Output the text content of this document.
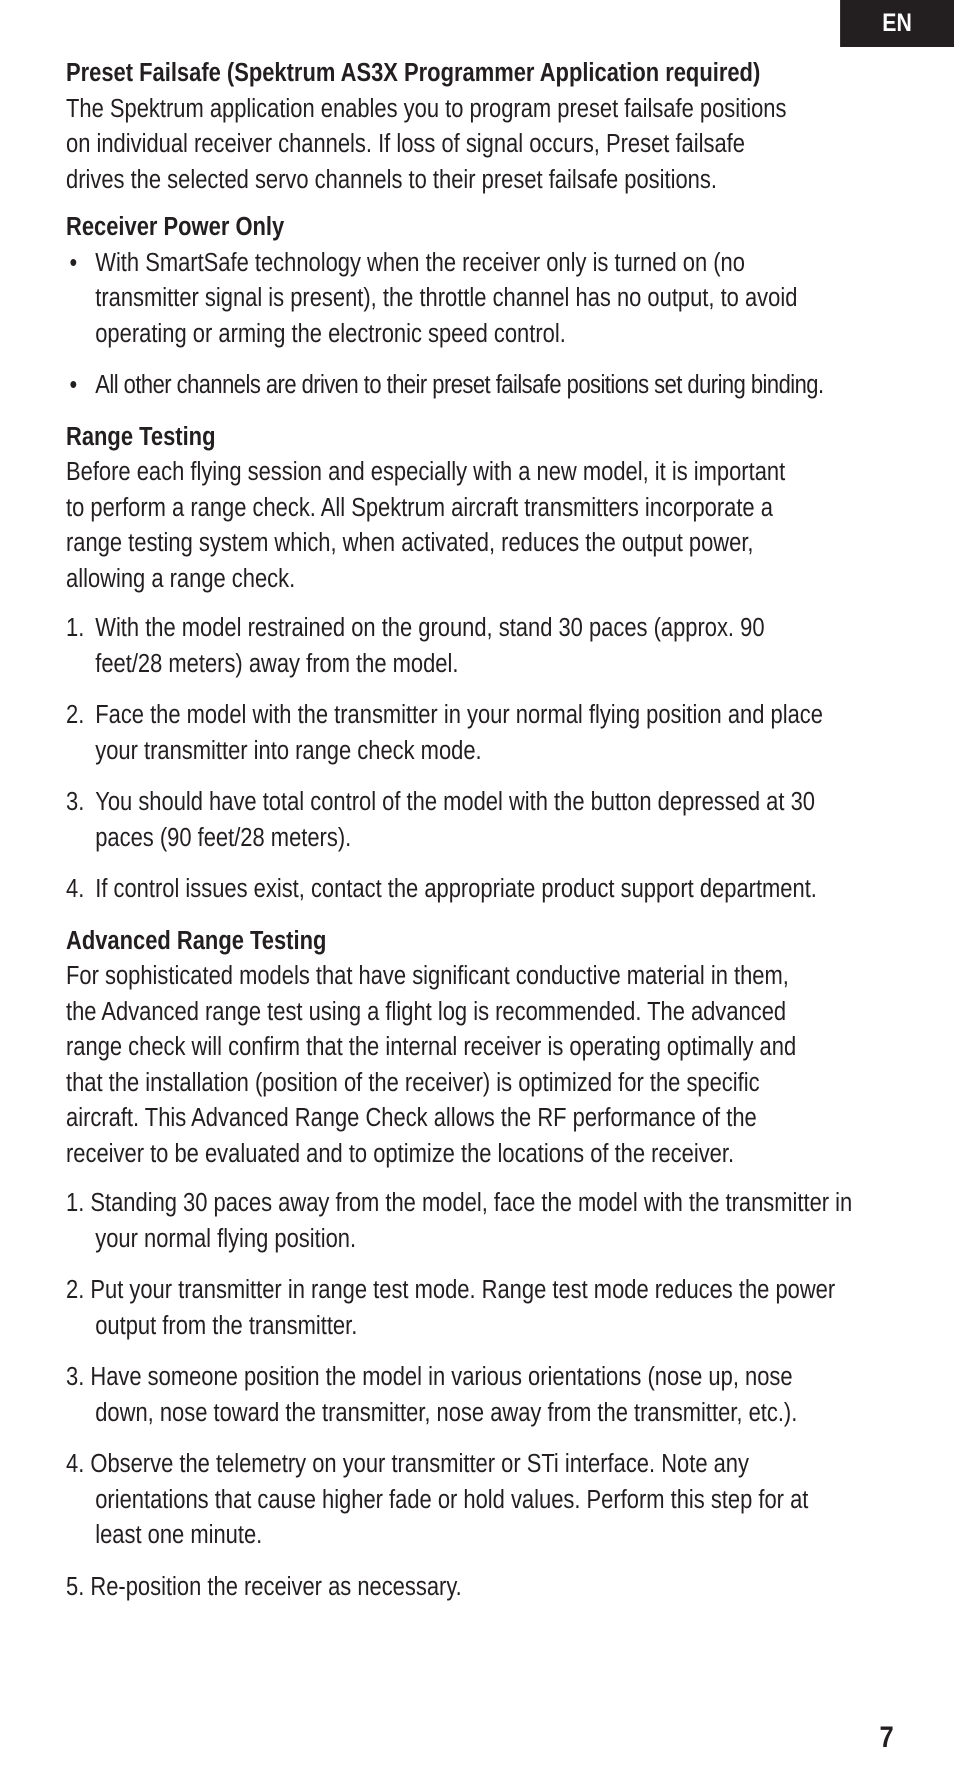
EN
Preset Failsafe (Spektrum AS3X Programmer Application required)

The Spektrum application enables you to program preset failsafe positions on individual receiver channels. If loss of signal occurs, Preset failsafe drives the selected servo channels to their preset failsafe positions.

Receiver Power Only
• With SmartSafe technology when the receiver only is turned on (no transmitter signal is present), the throttle channel has no output, to avoid operating or arming the electronic speed control.
• All other channels are driven to their preset failsafe positions set during binding.
Range Testing

Before each flying session and especially with a new model, it is important to perform a range check. All Spektrum aircraft transmitters incorporate a range testing system which, when activated, reduces the output power, allowing a range check.

1. With the model restrained on the ground, stand 30 paces (approx. 90 feet/28 meters) away from the model.
2. Face the model with the transmitter in your normal flying position and place your transmitter into range check mode.
3. You should have total control of the model with the button depressed at 30 paces (90 feet/28 meters).
4. If control issues exist, contact the appropriate product support department.
Advanced Range Testing

For sophisticated models that have significant conductive material in them, the Advanced range test using a flight log is recommended. The advanced range check will confirm that the internal receiver is operating optimally and that the installation (position of the receiver) is optimized for the specific aircraft. This Advanced Range Check allows the RF performance of the receiver to be evaluated and to optimize the locations of the receiver.

1. Standing 30 paces away from the model, face the model with the transmitter in your normal flying position.
2. Put your transmitter in range test mode. Range test mode reduces the power output from the transmitter.
3. Have someone position the model in various orientations (nose up, nose down, nose toward the transmitter, nose away from the transmitter, etc.).
4. Observe the telemetry on your transmitter or STi interface. Note any orientations that cause higher fade or hold values. Perform this step for at least one minute.
5. Re-position the receiver as necessary.
7
